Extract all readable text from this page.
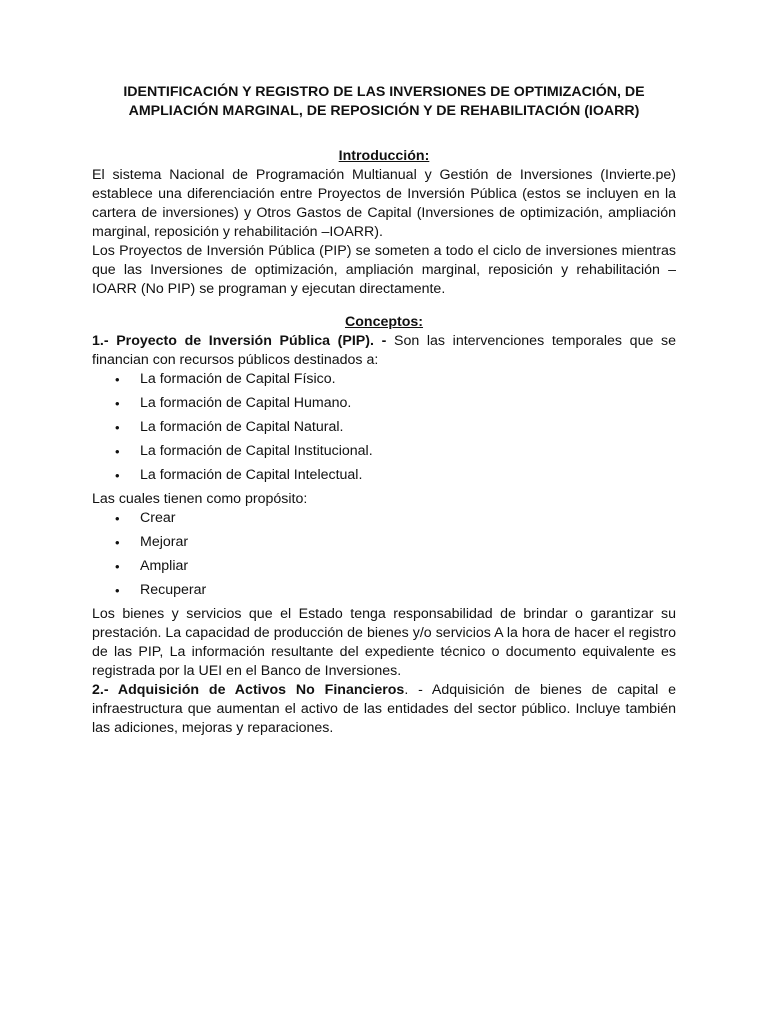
IDENTIFICACIÓN Y REGISTRO DE LAS INVERSIONES DE OPTIMIZACIÓN, DE AMPLIACIÓN MARGINAL, DE REPOSICIÓN Y DE REHABILITACIÓN (IOARR)
Introducción:

El sistema Nacional de Programación Multianual y Gestión de Inversiones (Invierte.pe) establece una diferenciación entre Proyectos de Inversión Pública (estos se incluyen en la cartera de inversiones) y Otros Gastos de Capital (Inversiones de optimización, ampliación marginal, reposición y rehabilitación –IOARR).

Los Proyectos de Inversión Pública (PIP) se someten a todo el ciclo de inversiones mientras que las Inversiones de optimización, ampliación marginal, reposición y rehabilitación –IOARR (No PIP) se programan y ejecutan directamente.

Conceptos:

1.- Proyecto de Inversión Pública (PIP). - Son las intervenciones temporales que se financian con recursos públicos destinados a:

• La formación de Capital Físico.
• La formación de Capital Humano.
• La formación de Capital Natural.
• La formación de Capital Institucional.
• La formación de Capital Intelectual.

Las cuales tienen como propósito:

• Crear
• Mejorar
• Ampliar
• Recuperar

Los bienes y servicios que el Estado tenga responsabilidad de brindar o garantizar su prestación. La capacidad de producción de bienes y/o servicios A la hora de hacer el registro de las PIP, La información resultante del expediente técnico o documento equivalente es registrada por la UEI en el Banco de Inversiones.

2.- Adquisición de Activos No Financieros. - Adquisición de bienes de capital e infraestructura que aumentan el activo de las entidades del sector público. Incluye también las adiciones, mejoras y reparaciones.
